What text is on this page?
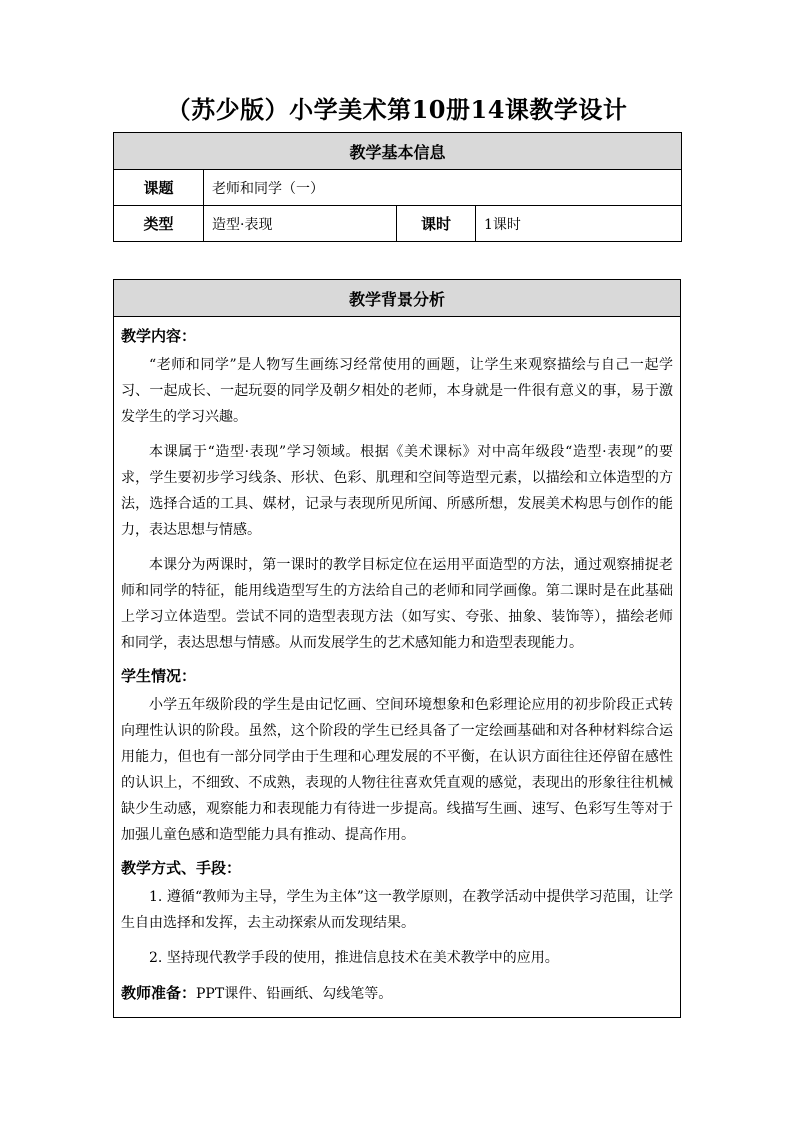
（苏少版）小学美术第10册14课教学设计
教学基本信息			
课题	老师和同学（一）		
类型	造型·表现	课时	1课时
教学背景分析

教学内容：

“老师和同学”是人物写生画练习经常使用的画题，让学生来观察描绘与自己一起学习、一起成长、一起玩耍的同学及朝夕相处的老师，本身就是一件很有意义的事，易于激发学生的学习兴趣。

本课属于“造型·表现”学习领域。根据《美术课标》对中高年级段“造型·表现”的要求，学生要初步学习线条、形状、色彩、肌理和空间等造型元素，以描绘和立体造型的方法，选择合适的工具、媒材，记录与表现所见所闻、所感所想，发展美术构思与创作的能力，表达思想与情感。

本课分为两课时，第一课时的教学目标定位在运用平面造型的方法，通过观察捕捉老师和同学的特征，能用线造型写生的方法给自己的老师和同学画像。第二课时是在此基础上学习立体造型。尝试不同的造型表现方法（如写实、夸张、抽象、装饰等），描绘老师和同学，表达思想与情感。从而发展学生的艺术感知能力和造型表现能力。

学生情况：

小学五年级阶段的学生是由记忆画、空间环境想象和色彩理论应用的初步阶段正式转向理性认识的阶段。虽然，这个阶段的学生已经具备了一定绘画基础和对各种材料综合运用能力，但也有一部分同学由于生理和心理发展的不平衡，在认识方面往往还停留在感性的认识上，不细致、不成熟，表现的人物往往喜欢凭直观的感觉，表现出的形象往往机械缺少生动感，观察能力和表现能力有待进一步提高。线描写生画、速写、色彩写生等对于加强儿童色感和造型能力具有推动、提高作用。

教学方式、手段：

1. 遵循“教师为主导，学生为主体”这一教学原则，在教学活动中提供学习范围，让学生自由选择和发挥，去主动探索从而发现结果。

2. 坚持现代教学手段的使用，推进信息技术在美术教学中的应用。

教师准备：PPT课件、铅画纸、勾线笔等。
